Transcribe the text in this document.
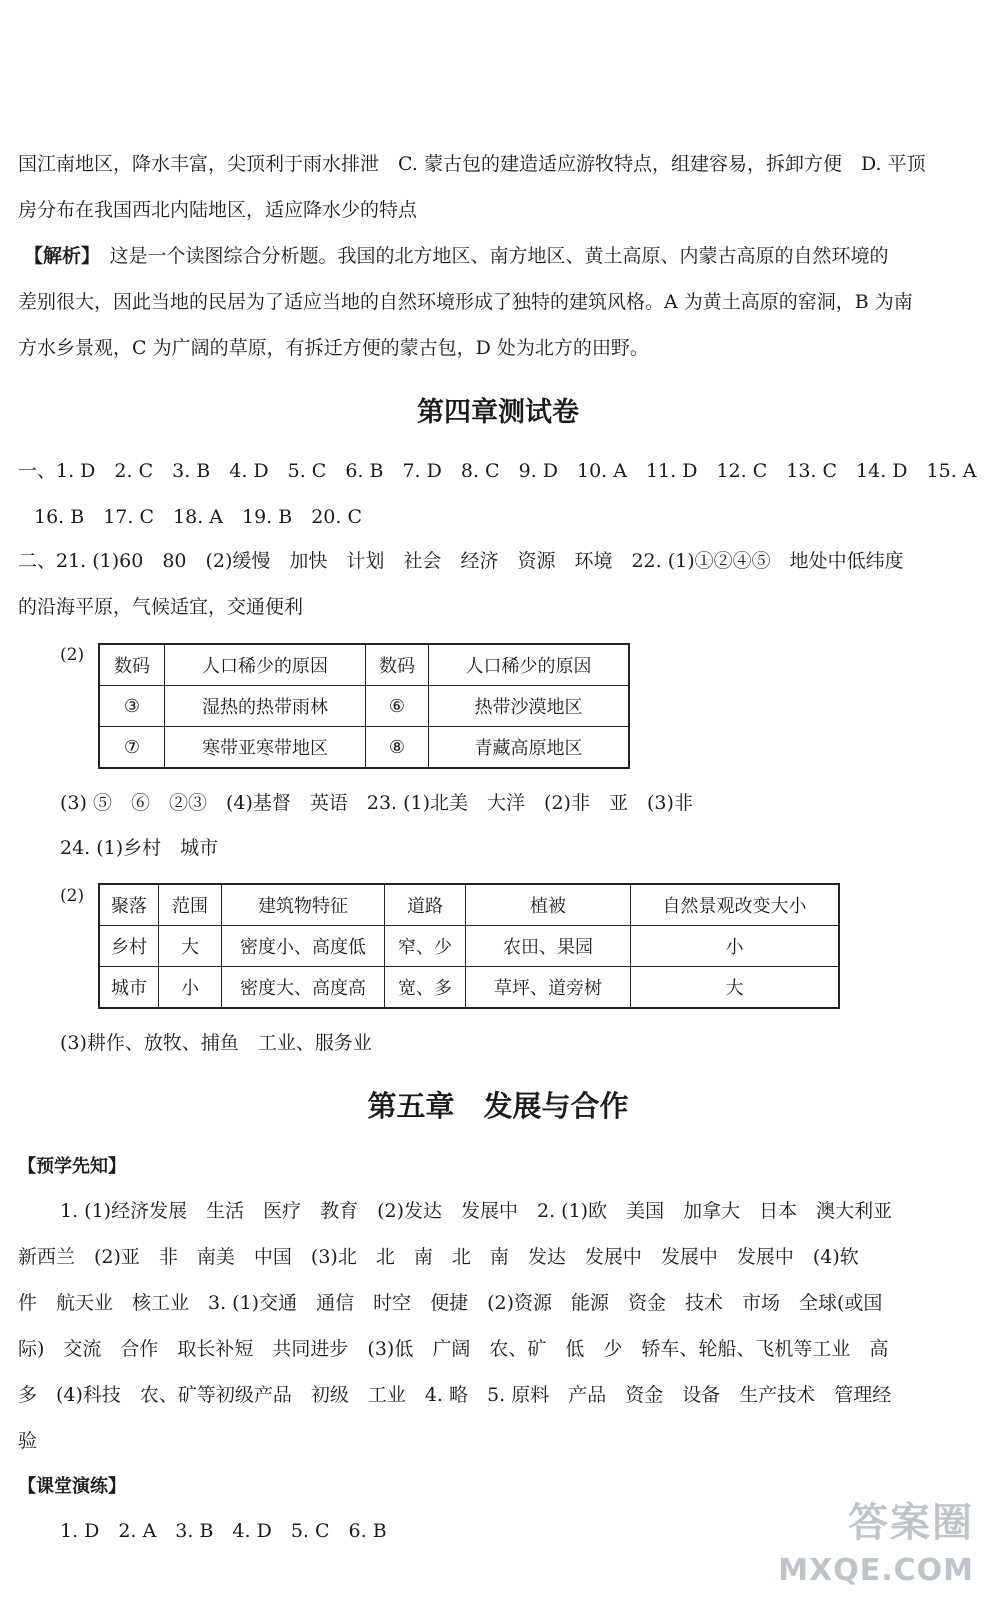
国江南地区，降水丰富，尖顶利于雨水排泄　C. 蒙古包的建造适应游牧特点，组建容易，拆卸方便　D. 平顶
房分布在我国西北内陆地区，适应降水少的特点
【解析】　这是一个读图综合分析题。我国的北方地区、南方地区、黄土高原、内蒙古高原的自然环境的
差别很大，因此当地的民居为了适应当地的自然环境形成了独特的建筑风格。A 为黄土高原的窑洞，B 为南
方水乡景观，C 为广阔的草原，有拆迁方便的蒙古包，D 处为北方的田野。
第四章测试卷
一、1. D　2. C　3. B　4. D　5. C　6. B　7. D　8. C　9. D　10. A　11. D　12. C　13. C　14. D　15. A
16. B　17. C　18. A　19. B　20. C
二、21. (1)60　80　(2)缓慢　加快　计划　社会　经济　资源　环境　22. (1)①②④⑤　地处中低纬度
的沿海平原，气候适宜，交通便利
(2)
数码	人口稀少的原因	数码	人口稀少的原因
③	湿热的热带雨林	⑥	热带沙漠地区
⑦	寒带亚寒带地区	⑧	青藏高原地区
(3) ⑤　⑥　②③　(4)基督　英语　23. (1)北美　大洋　(2)非　亚　(3)非
24. (1)乡村　城市
(2) 聚落	范围	建筑物特征	道路	植被	自然景观改变大小
乡村	大	密度小、高度低	窄、少	农田、果园	小
城市	小	密度大、高度高	宽、多	草坪、道旁树	大
(3)耕作、放牧、捕鱼　工业、服务业
第五章　发展与合作
【预学先知】
1. (1)经济发展　生活　医疗　教育　(2)发达　发展中　2. (1)欧　美国　加拿大　日本　澳大利亚
新西兰　(2)亚　非　南美　中国　(3)北　北　南　北　南　发达　发展中　发展中　发展中　(4)软
件　航天业　核工业　3. (1)交通　通信　时空　便捷　(2)资源　能源　资金　技术　市场　全球(或国
际)　交流　合作　取长补短　共同进步　(3)低　广阔　农、矿　低　少　轿车、轮船、飞机等工业　高
多　(4)科技　农、矿等初级产品　初级　工业　4. 略　5. 原料　产品　资金　设备　生产技术　管理经
验
【课堂演练】
1. D　2. A　3. B　4. D　5. C　6. B	答案圈
MXQE.COM
